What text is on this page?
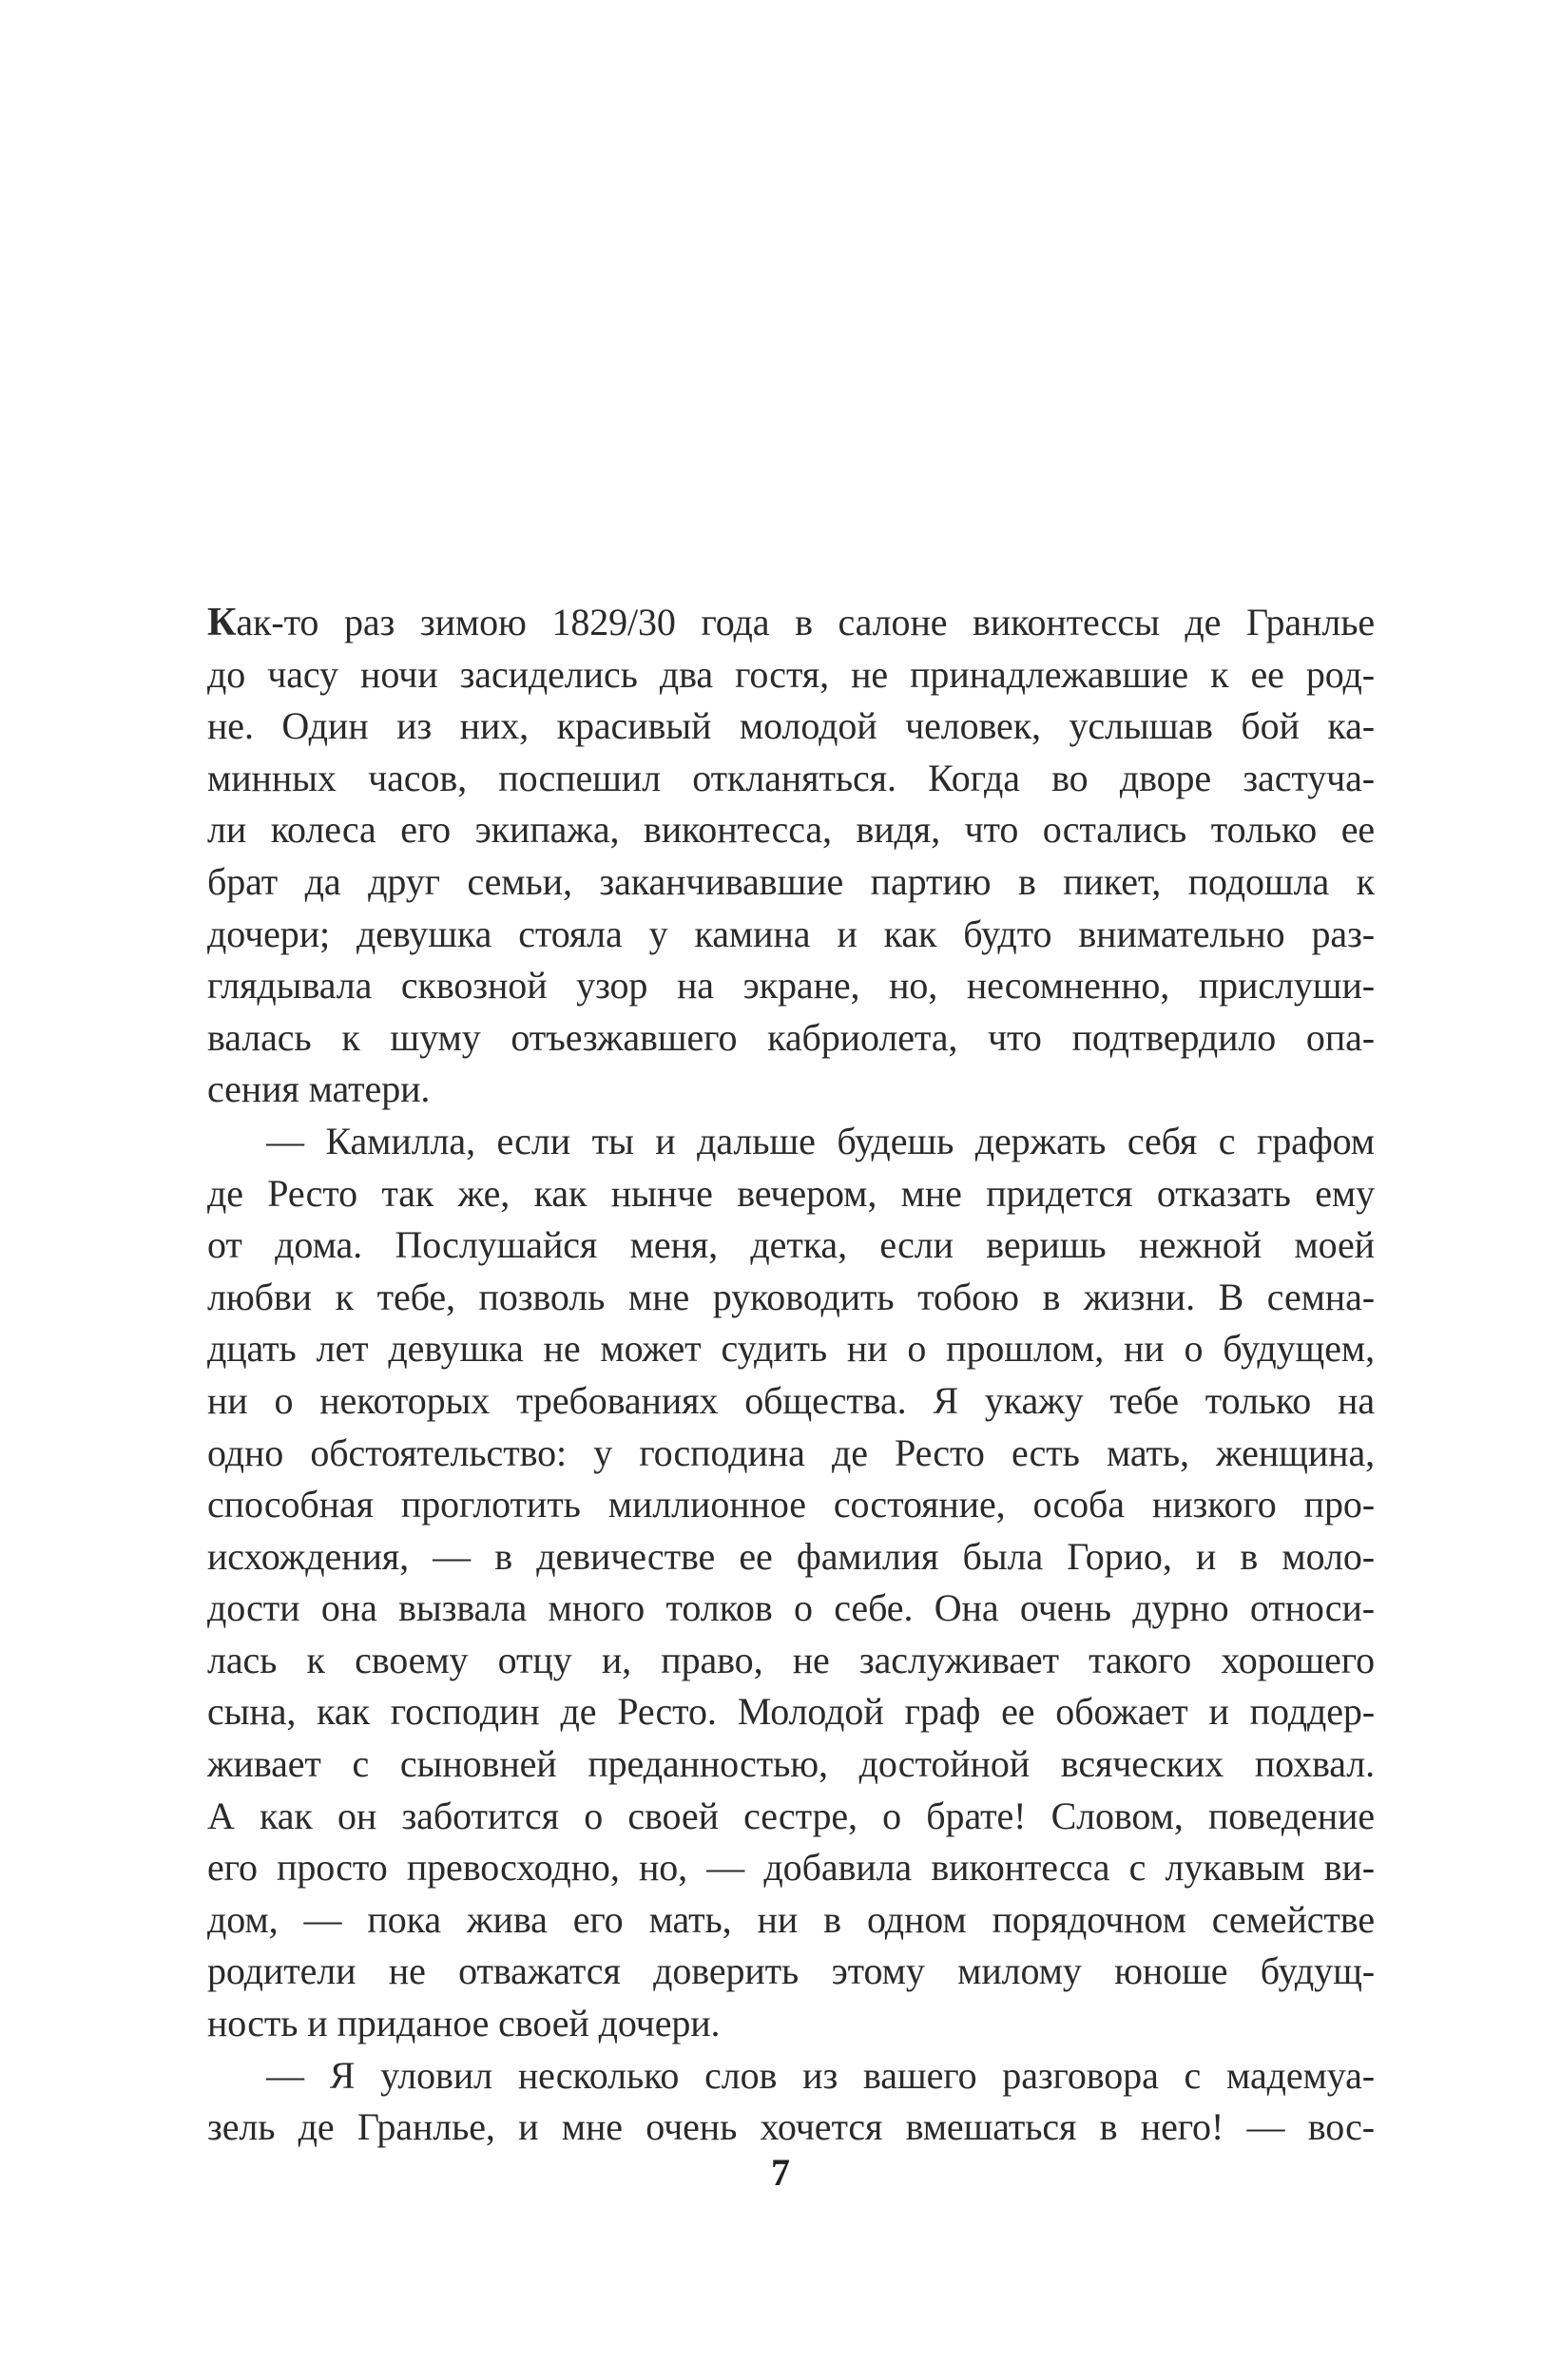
Как-то раз зимою 1829/30 года в салоне виконтессы де Гранлье
до часу ночи засиделись два гостя, не принадлежавшие к ее род-
не. Один из них, красивый молодой человек, услышав бой ка-
минных часов, поспешил откланяться. Когда во дворе застуча-
ли колеса его экипажа, виконтесса, видя, что остались только ее
брат да друг семьи, заканчивавшие партию в пикет, подошла к
дочери; девушка стояла у камина и как будто внимательно раз-
глядывала сквозной узор на экране, но, несомненно, прислуши-
валась к шуму отъезжавшего кабриолета, что подтвердило опа-
сения матери.
— Камилла, если ты и дальше будешь держать себя с графом
де Ресто так же, как нынче вечером, мне придется отказать ему
от дома. Послушайся меня, детка, если веришь нежной моей
любви к тебе, позволь мне руководить тобою в жизни. В семна-
дцать лет девушка не может судить ни о прошлом, ни о будущем,
ни о некоторых требованиях общества. Я укажу тебе только на
одно обстоятельство: у господина де Ресто есть мать, женщина,
способная проглотить миллионное состояние, особа низкого про-
исхождения, — в девичестве ее фамилия была Горио, и в моло-
дости она вызвала много толков о себе. Она очень дурно относи-
лась к своему отцу и, право, не заслуживает такого хорошего
сына, как господин де Ресто. Молодой граф ее обожает и поддер-
живает с сыновней преданностью, достойной всяческих похвал.
А как он заботится о своей сестре, о брате! Словом, поведение
его просто превосходно, но, — добавила виконтесса с лукавым ви-
дом, — пока жива его мать, ни в одном порядочном семействе
родители не отважатся доверить этому милому юноше будущ-
ность и приданое своей дочери.
— Я уловил несколько слов из вашего разговора с мадемуа-
зель де Гранлье, и мне очень хочется вмешаться в него! — вос-
7
